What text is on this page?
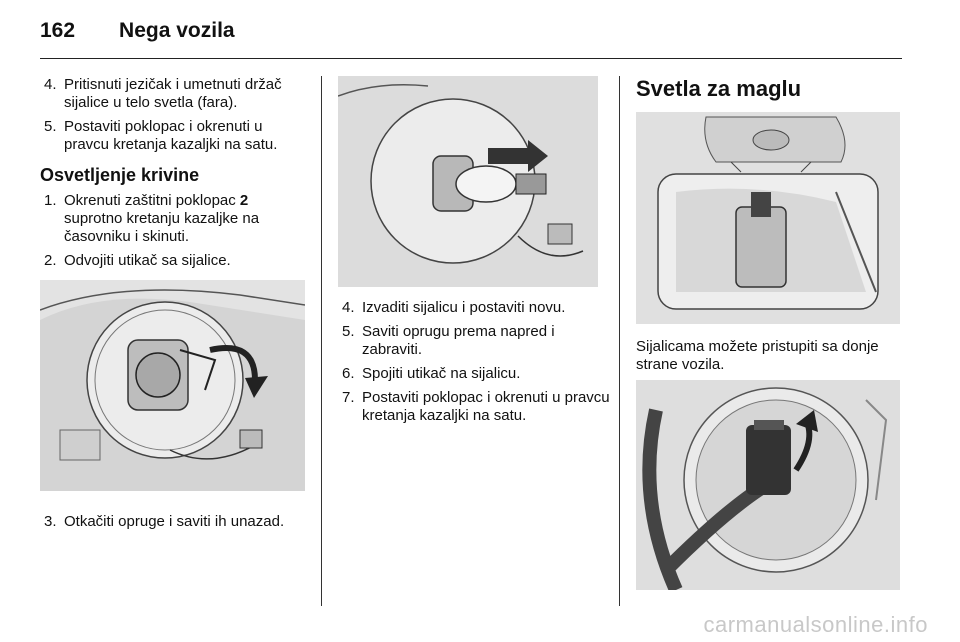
162 Nega vozila
4. Pritisnuti jezičak i umetnuti držač sijalice u telo svetla (fara).
5. Postaviti poklopac i okrenuti u pravcu kretanja kazaljki na satu.
Osvetljenje krivine
1. Okrenuti zaštitni poklopac 2 suprotno kretanju kazaljke na časovniku i skinuti.
2. Odvojiti utikač sa sijalice.
3. Otkačiti opruge i saviti ih unazad.
4. Izvaditi sijalicu i postaviti novu.
5. Saviti oprugu prema napred i zabraviti.
6. Spojiti utikač na sijalicu.
7. Postaviti poklopac i okrenuti u pravcu kretanja kazaljki na satu.
Svetla za maglu

Sijalicama možete pristupiti sa donje strane vozila.

carmanualsonline.info
